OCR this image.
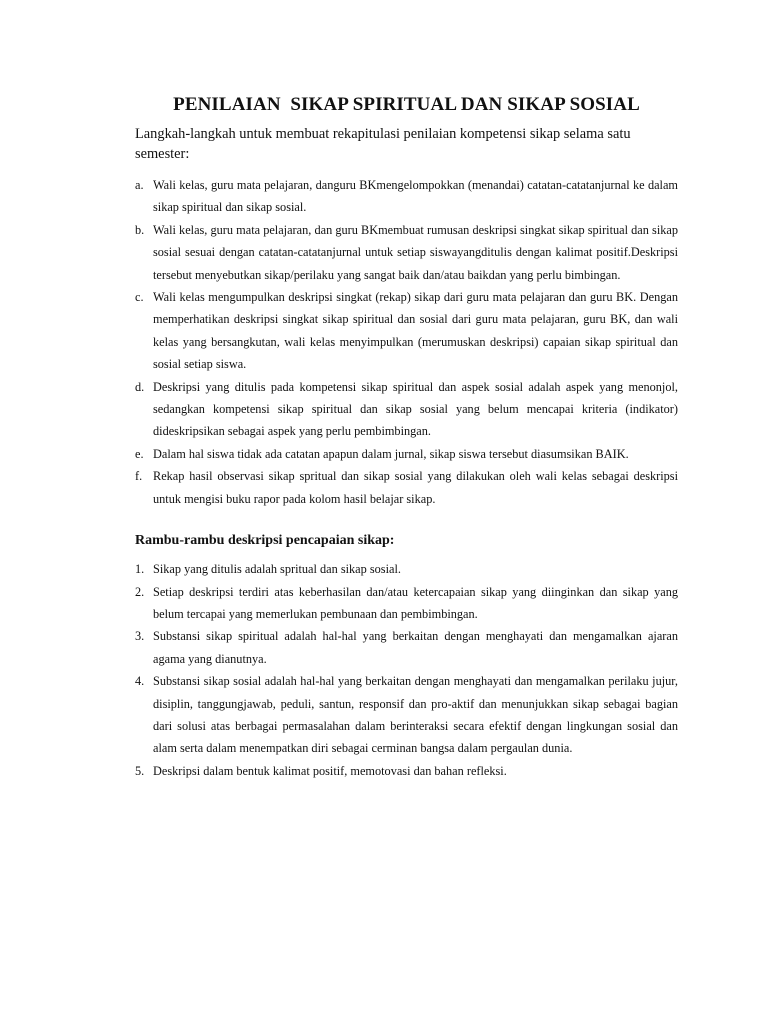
PENILAIAN  SIKAP SPIRITUAL DAN SIKAP SOSIAL

Langkah-langkah untuk membuat rekapitulasi penilaian kompetensi sikap selama satu semester:

a. Wali kelas, guru mata pelajaran, danguru BKmengelompokkan (menandai) catatan-catatanjurnal ke dalam sikap spiritual dan sikap sosial.
b. Wali kelas, guru mata pelajaran, dan guru BKmembuat rumusan deskripsi singkat sikap spiritual dan sikap sosial sesuai dengan catatan-catatanjurnal untuk setiap siswayangditulis dengan kalimat positif.Deskripsi tersebut menyebutkan sikap/perilaku yang sangat baik dan/atau baikdan yang perlu bimbingan.
c. Wali kelas mengumpulkan deskripsi singkat (rekap) sikap dari guru mata pelajaran dan guru BK. Dengan memperhatikan deskripsi singkat sikap spiritual dan sosial dari guru mata pelajaran, guru BK, dan wali kelas yang bersangkutan, wali kelas menyimpulkan (merumuskan deskripsi) capaian sikap spiritual dan sosial setiap siswa.
d. Deskripsi yang ditulis pada kompetensi sikap spiritual dan aspek sosial adalah aspek yang menonjol, sedangkan kompetensi sikap spiritual dan sikap sosial yang belum mencapai kriteria (indikator) dideskripsikan sebagai aspek yang perlu pembimbingan.
e. Dalam hal siswa tidak ada catatan apapun dalam jurnal, sikap siswa tersebut diasumsikan BAIK.
f. Rekap hasil observasi sikap spritual dan sikap sosial yang dilakukan oleh wali kelas sebagai deskripsi untuk mengisi buku rapor pada kolom hasil belajar sikap.
Rambu-rambu deskripsi pencapaian sikap:
1. Sikap yang ditulis adalah spritual dan sikap sosial.
2. Setiap deskripsi terdiri atas keberhasilan dan/atau ketercapaian sikap yang diinginkan dan sikap yang belum tercapai yang memerlukan pembunaan dan pembimbingan.
3. Substansi sikap spiritual adalah hal-hal yang berkaitan dengan menghayati dan mengamalkan ajaran agama yang dianutnya.
4. Substansi sikap sosial adalah hal-hal yang berkaitan dengan menghayati dan mengamalkan perilaku jujur, disiplin, tanggungjawab, peduli, santun, responsif dan pro-aktif dan menunjukkan sikap sebagai bagian dari solusi atas berbagai permasalahan dalam berinteraksi secara efektif dengan lingkungan sosial dan alam serta dalam menempatkan diri sebagai cerminan bangsa dalam pergaulan dunia.
5. Deskripsi dalam bentuk kalimat positif, memotovasi dan bahan refleksi.
